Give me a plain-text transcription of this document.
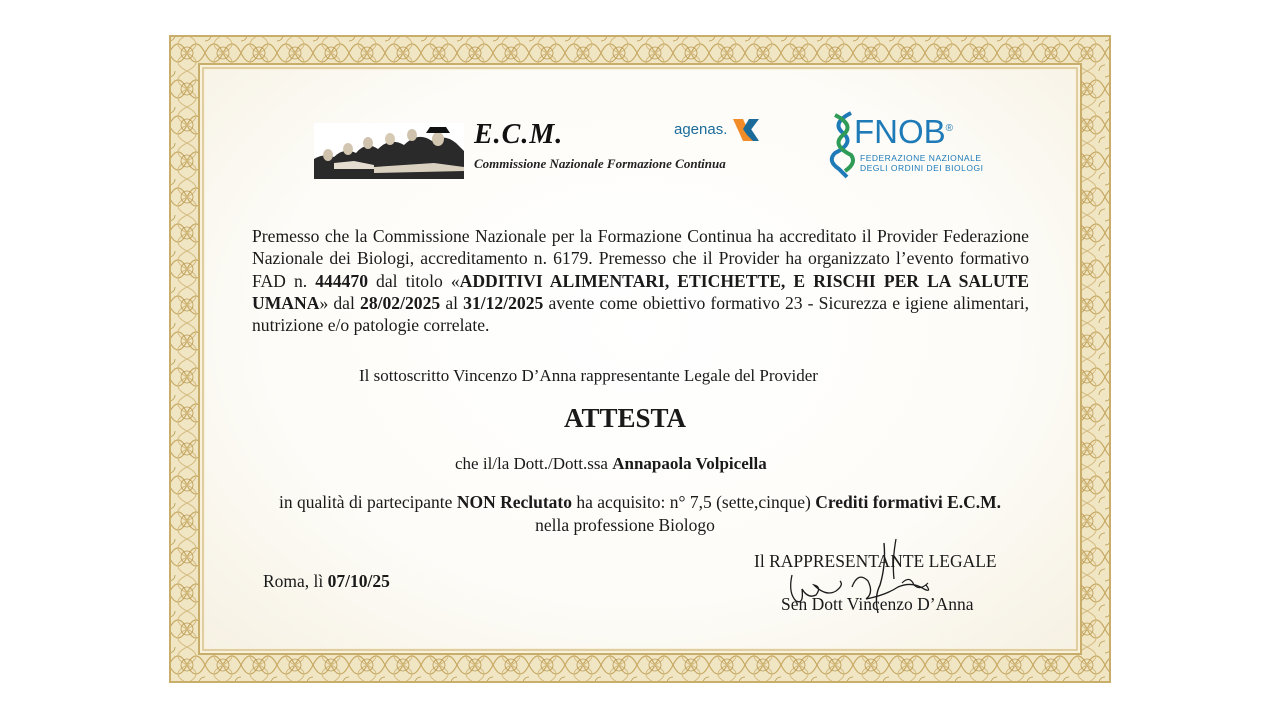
E.C.M.
Commissione Nazionale Formazione Continua
agenas.	FNOB®
FEDERAZIONE NAZIONALE
DEGLI ORDINI DEI BIOLOGI
Premesso che la Commissione Nazionale per la Formazione Continua ha accreditato il Provider Federazione Nazionale dei Biologi, accreditamento n. 6179. Premesso che il Provider ha organizzato l’evento formativo FAD n. 444470 dal titolo «ADDITIVI ALIMENTARI, ETICHETTE, E RISCHI PER LA SALUTE UMANA» dal 28/02/2025 al 31/12/2025 avente come obiettivo formativo 23 - Sicurezza e igiene alimentari, nutrizione e/o patologie correlate.
Il sottoscritto Vincenzo D’Anna rappresentante Legale del Provider
ATTESTA
che il/la Dott./Dott.ssa Annapaola Volpicella
in qualità di partecipante NON Reclutato ha acquisito: n° 7,5 (sette,cinque) Crediti formativi E.C.M.
nella professione Biologo
Roma, lì 07/10/25
Il RAPPRESENTANTE LEGALE
Sen Dott Vincenzo D’Anna
